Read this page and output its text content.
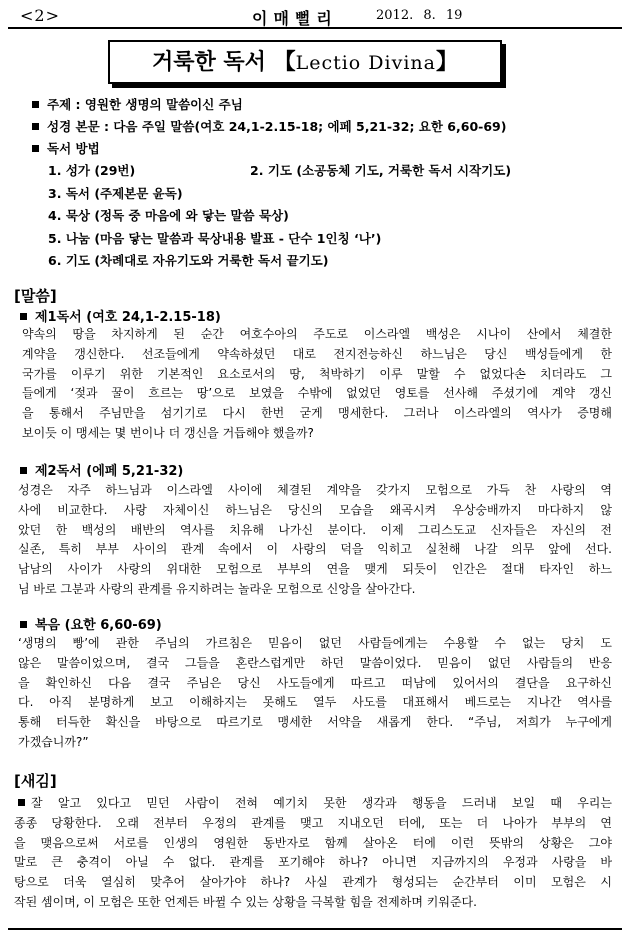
<2>	이매뻘리	2012. 8. 19
거룩한 독서 【Lectio Divina】
주제 : 영원한 생명의 말씀이신 주님
성경 본문 : 다음 주일 말씀(여호 24,1-2.15-18; 에페 5,21-32; 요한 6,60-69)
독서 방법
1. 성가 (29번)	2. 기도 (소공동체 기도, 거룩한 독서 시작기도)
3. 독서 (주제본문 윤독)
4. 묵상 (정독 중 마음에 와 닿는 말씀 묵상)
5. 나눔 (마음 닿는 말씀과 묵상내용 발표 - 단수 1인칭 ‘나’)
6. 기도 (차례대로 자유기도와 거룩한 독서 끝기도)
[말씀]
제1독서 (여호 24,1-2.15-18)
약속의 땅을 차지하게 된 순간 여호수아의 주도로 이스라엘 백성은 시나이 산에서 체결한
계약을 갱신한다. 선조들에게 약속하셨던 대로 전지전능하신 하느님은 당신 백성들에게 한
국가를 이루기 위한 기본적인 요소로서의 땅, 척박하기 이루 말할 수 없었다손 치더라도 그
들에게 ‘젖과 꿀이 흐르는 땅’으로 보였을 수밖에 없었던 영토를 선사해 주셨기에 계약 갱신
을 통해서 주님만을 섬기기로 다시 한번 굳게 맹세한다. 그러나 이스라엘의 역사가 증명해
보이듯 이 맹세는 몇 번이나 더 갱신을 거듭해야 했을까?
제2독서 (에페 5,21-32)
성경은 자주 하느님과 이스라엘 사이에 체결된 계약을 갖가지 모험으로 가득 찬 사랑의 역
사에 비교한다. 사랑 자체이신 하느님은 당신의 모습을 왜곡시켜 우상숭배까지 마다하지 않
았던 한 백성의 배반의 역사를 치유해 나가신 분이다. 이제 그리스도교 신자들은 자신의 전
실존, 특히 부부 사이의 관계 속에서 이 사랑의 덕을 익히고 실천해 나갈 의무 앞에 선다.
남남의 사이가 사랑의 위대한 모험으로 부부의 연을 맺게 되듯이 인간은 절대 타자인 하느
님 바로 그분과 사랑의 관계를 유지하려는 놀라운 모험으로 신앙을 살아간다.
복음 (요한 6,60-69)
‘생명의 빵’에 관한 주님의 가르침은 믿음이 없던 사람들에게는 수용할 수 없는 당치 도
않은 말씀이었으며, 결국 그들을 혼란스럽게만 하던 말씀이었다. 믿음이 없던 사람들의 반응
을 확인하신 다음 결국 주님은 당신 사도들에게 따르고 떠남에 있어서의 결단을 요구하신
다. 아직 분명하게 보고 이해하지는 못해도 열두 사도를 대표해서 베드로는 지나간 역사를
통해 터득한 확신을 바탕으로 따르기로 맹세한 서약을 새롭게 한다. “주님, 저희가 누구에게
가겠습니까?”
[새김]
잘 알고 있다고 믿던 사람이 전혀 예기치 못한 생각과 행동을 드러내 보일 때 우리는
종종 당황한다. 오래 전부터 우정의 관계를 맺고 지내오던 터에, 또는 더 나아가 부부의 연
을 맺음으로써 서로를 인생의 영원한 동반자로 함께 살아온 터에 이런 뜻밖의 상황은 그야
말로 큰 충격이 아닐 수 없다. 관계를 포기해야 하나? 아니면 지금까지의 우정과 사랑을 바
탕으로 더욱 열심히 맞추어 살아가야 하나? 사실 관계가 형성되는 순간부터 이미 모험은 시
작된 셈이며, 이 모험은 또한 언제든 바뀔 수 있는 상황을 극복할 힘을 전제하며 키워준다.
